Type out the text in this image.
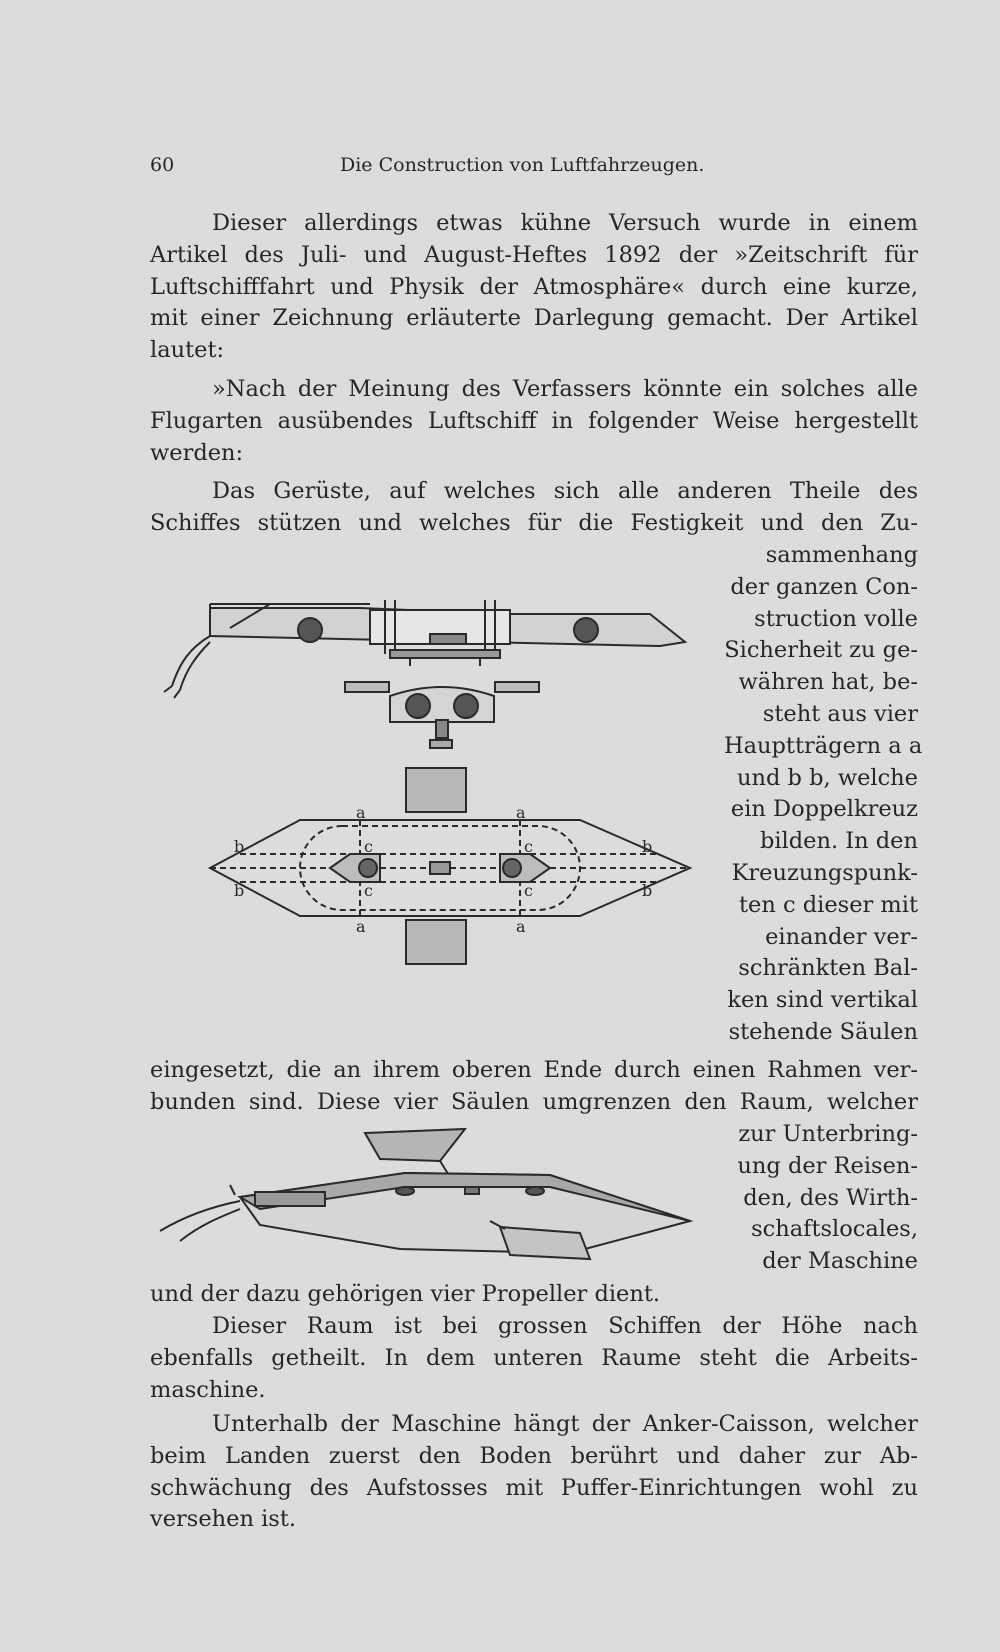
60	Die Construction von Luftfahrzeugen.
Dieser allerdings etwas kühne Versuch wurde in einem
Artikel des Juli- und August-Heftes 1892 der »Zeitschrift für
Luftschifffahrt und Physik der Atmosphäre« durch eine kurze,
mit einer Zeichnung erläuterte Darlegung gemacht. Der Artikel
lautet:
»Nach der Meinung des Verfassers könnte ein solches alle
Flugarten ausübendes Luftschiff in folgender Weise hergestellt
werden:
Das Gerüste, auf welches sich alle anderen Theile des
Schiffes stützen und welches für die Festigkeit und den Zu-
sammenhang
der ganzen Con-
struction volle
Sicherheit zu ge-
währen hat, be-
steht aus vier
Hauptträgern a a
und b b, welche
ein Doppelkreuz
bilden. In den
Kreuzungspunk-
ten c dieser mit
einander ver-
schränkten Bal-
ken sind vertikal
stehende Säulen
a	a
a	a
b
b
b
b
c	c
c	c
eingesetzt, die an ihrem oberen Ende durch einen Rahmen ver-
bunden sind. Diese vier Säulen umgrenzen den Raum, welcher
zur Unterbring-
ung der Reisen-
den, des Wirth-
schaftslocales,
der Maschine
und der dazu gehörigen vier Propeller dient.
Dieser Raum ist bei grossen Schiffen der Höhe nach
ebenfalls getheilt. In dem unteren Raume steht die Arbeits-
maschine.
Unterhalb der Maschine hängt der Anker-Caisson, welcher
beim Landen zuerst den Boden berührt und daher zur Ab-
schwächung des Aufstosses mit Puffer-Einrichtungen wohl zu
versehen ist.
